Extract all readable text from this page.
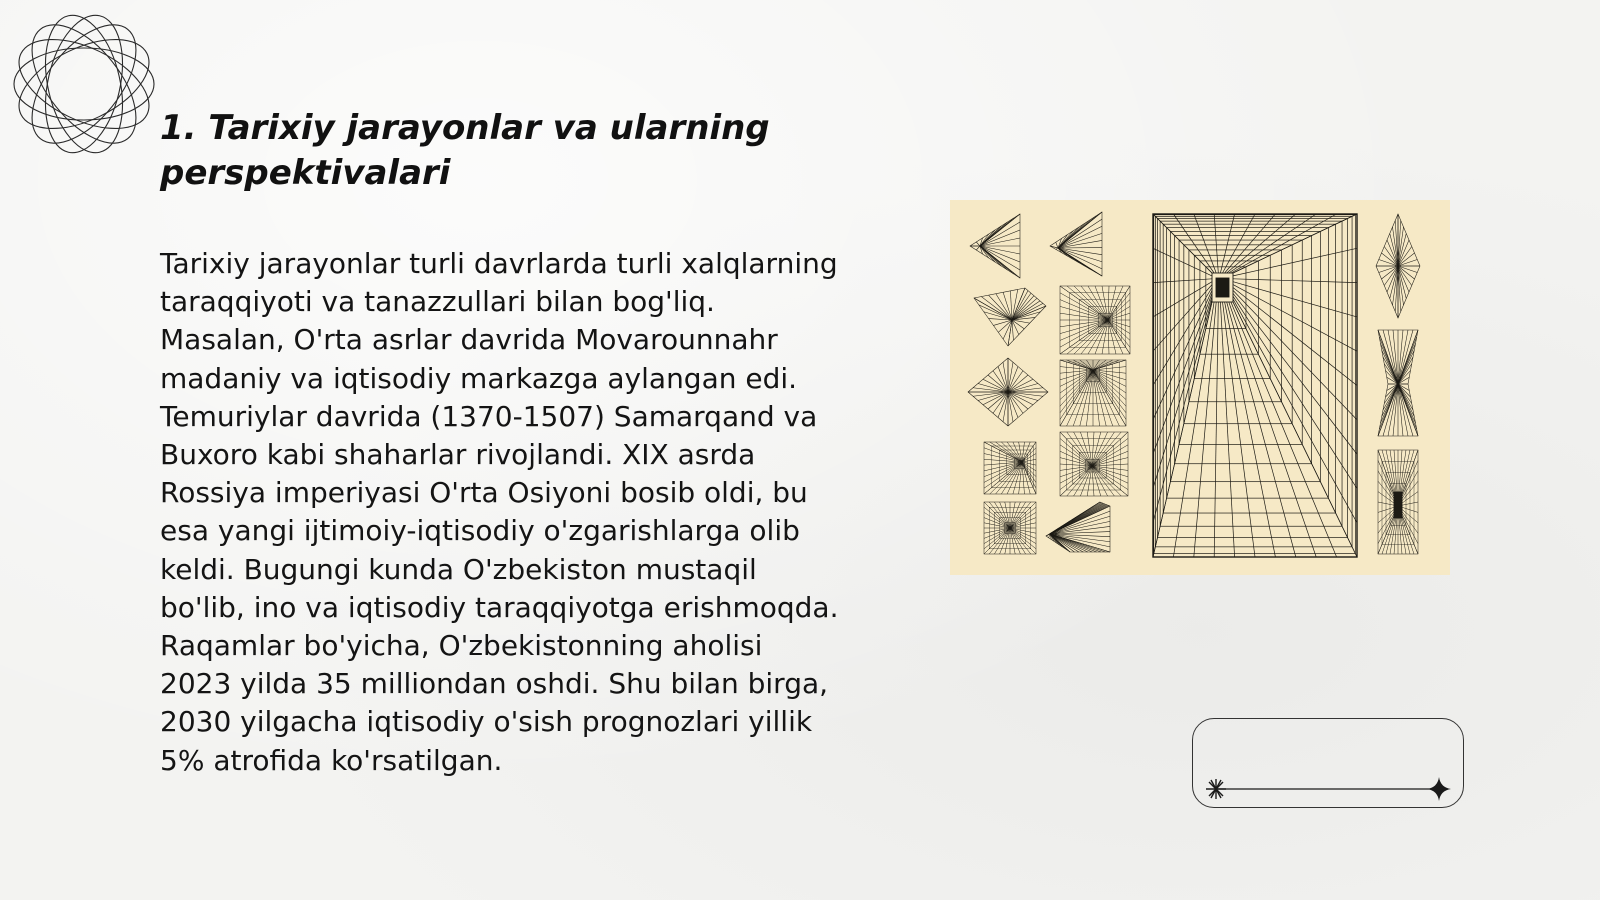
1. Tarixiy jarayonlar va ularning perspektivalari

Tarixiy jarayonlar turli davrlarda turli xalqlarning taraqqiyoti va tanazzullari bilan bog'liq. Masalan, O'rta asrlar davrida Movarounnahr madaniy va iqtisodiy markazga aylangan edi. Temuriylar davrida (1370-1507) Samarqand va Buxoro kabi shaharlar rivojlandi. XIX asrda Rossiya imperiyasi O'rta Osiyoni bosib oldi, bu esa yangi ijtimoiy-iqtisodiy o'zgarishlarga olib keldi. Bugungi kunda O'zbekiston mustaqil bo'lib, ino va iqtisodiy taraqqiyotga erishmoqda. Raqamlar bo'yicha, O'zbekistonning aholisi 2023 yilda 35 milliondan oshdi. Shu bilan birga, 2030 yilgacha iqtisodiy o'sish prognozlari yillik 5% atrofida ko'rsatilgan.
